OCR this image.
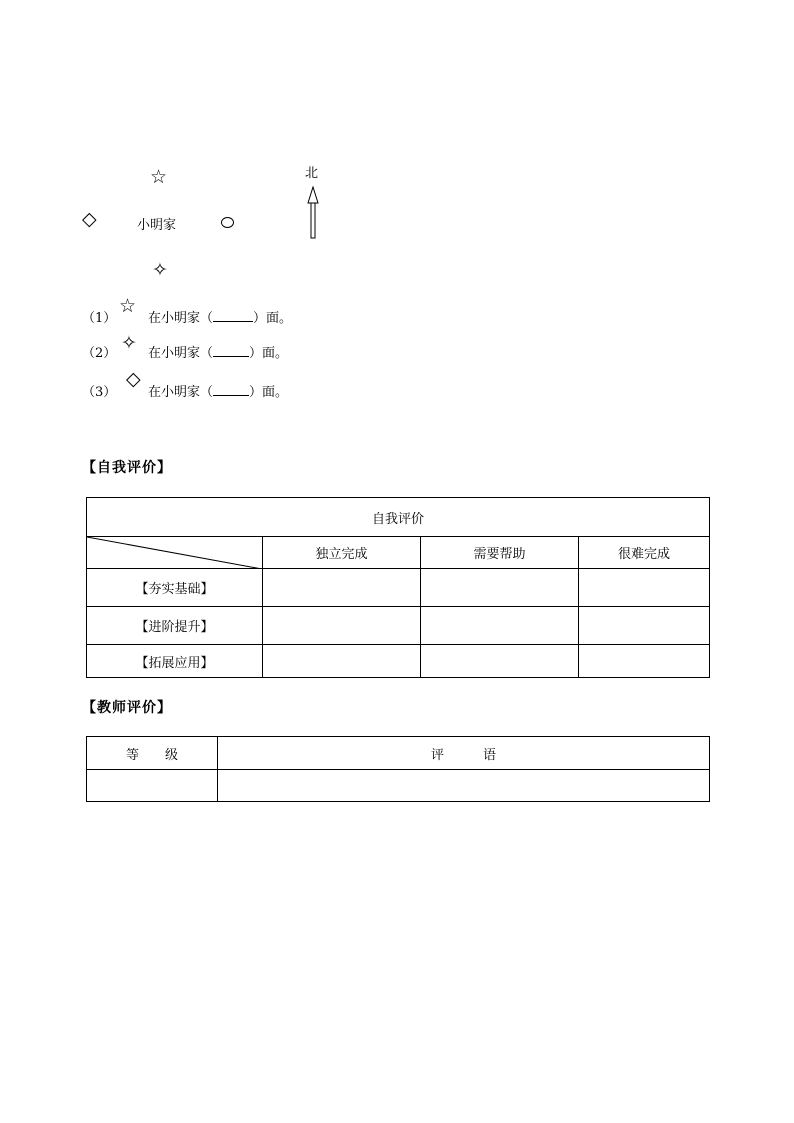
☆
◇	小明家
✧
北
（1）
☆
在小明家（	）面。
（2） ✧ 在小明家（	）面。
（3）
◇
在小明家（	）面。
【自我评价】
自我评价			

	独立完成	需要帮助	很难完成
【夯实基础】			
【进阶提升】			
【拓展应用】			
【教师评价】
等　　级	评　　　语
